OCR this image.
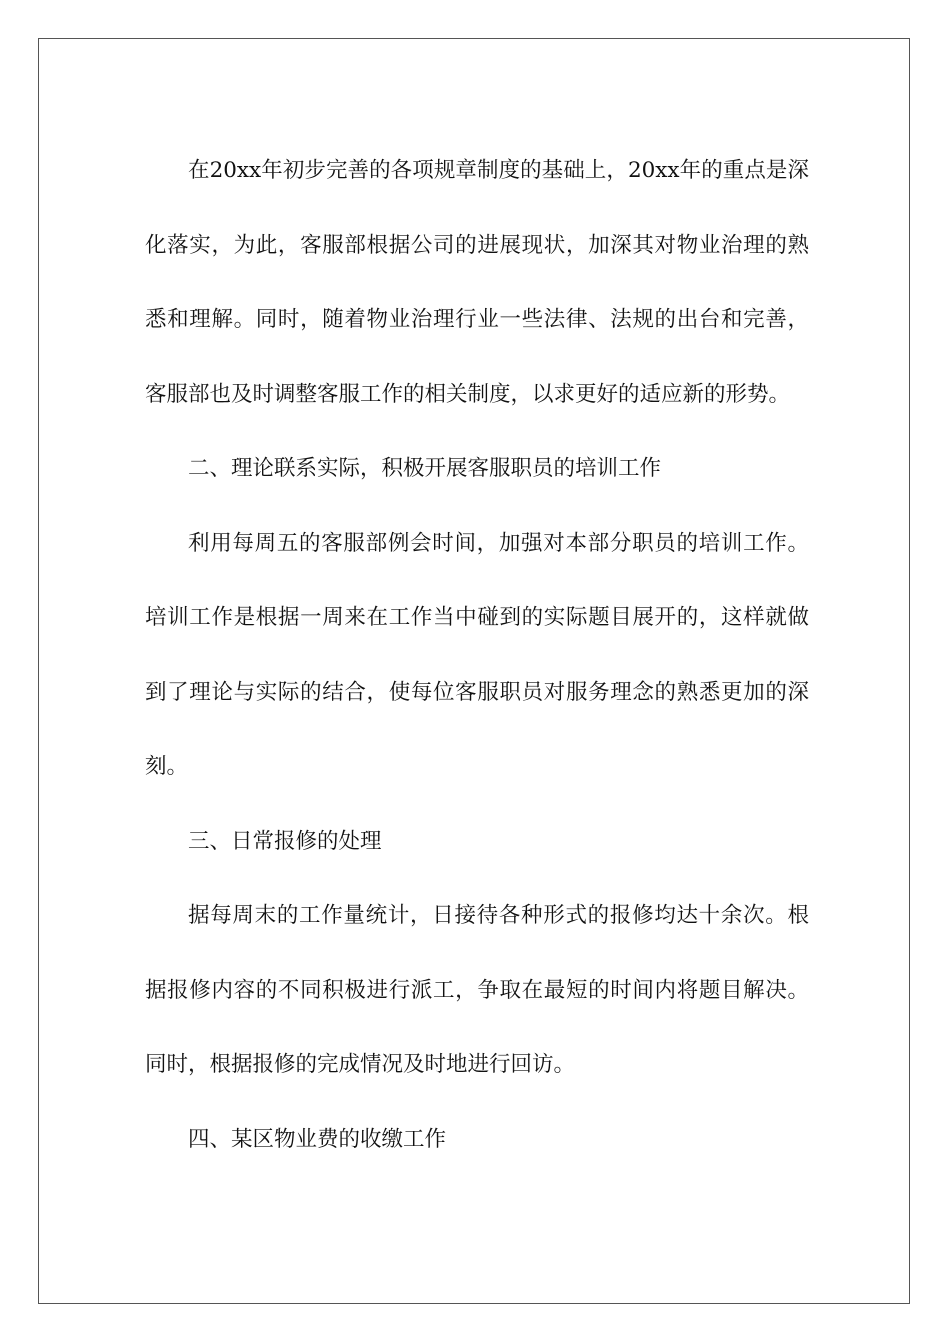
在20xx年初步完善的各项规章制度的基础上，20xx年的重点是深化落实，为此，客服部根据公司的进展现状，加深其对物业治理的熟悉和理解。同时，随着物业治理行业一些法律、法规的出台和完善，客服部也及时调整客服工作的相关制度，以求更好的适应新的形势。

二、理论联系实际，积极开展客服职员的培训工作

利用每周五的客服部例会时间，加强对本部分职员的培训工作。培训工作是根据一周来在工作当中碰到的实际题目展开的，这样就做到了理论与实际的结合，使每位客服职员对服务理念的熟悉更加的深刻。

三、日常报修的处理

据每周末的工作量统计，日接待各种形式的报修均达十余次。根据报修内容的不同积极进行派工，争取在最短的时间内将题目解决。同时，根据报修的完成情况及时地进行回访。

四、某区物业费的收缴工作
